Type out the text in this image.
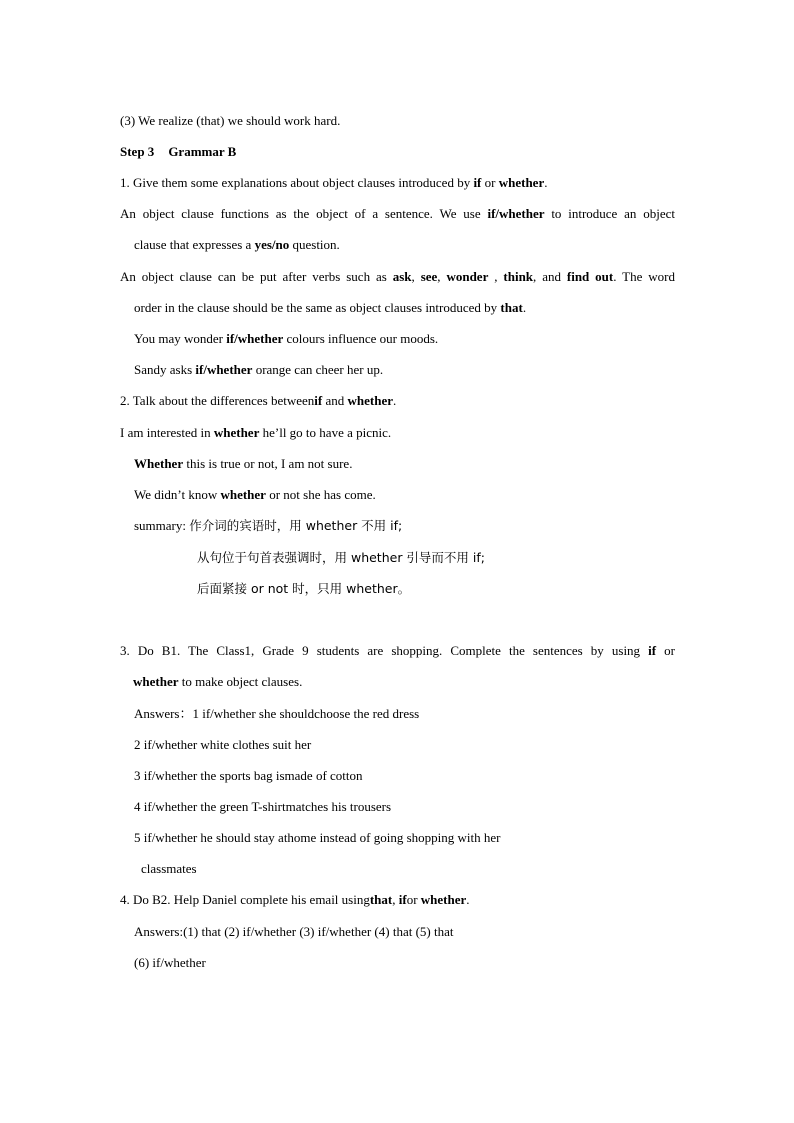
(3) We realize (that) we should work hard.
Step 3 Grammar B
1. Give them some explanations about object clauses introduced by if or whether.
An object clause functions as the object of a sentence. We use if/whether to introduce an object
clause that expresses a yes/no question.
An object clause can be put after verbs such as ask, see, wonder , think, and find out. The word
order in the clause should be the same as object clauses introduced by that.
You may wonder if/whether colours influence our moods.
Sandy asks if/whether orange can cheer her up.
2. Talk about the differences betweenif and whether.
I am interested in whether he’ll go to have a picnic.
Whether this is true or not, I am not sure.
We didn’t know whether or not she has come.
summary: 作介词的宾语时，用 whether 不用 if;
从句位于句首表强调时，用 whether 引导而不用 if;
后面紧接 or not 时，只用 whether。
3. Do B1. The Class1, Grade 9 students are shopping. Complete the sentences by using if or
whether to make object clauses.
Answers：1 if/whether she shouldchoose the red dress
2 if/whether white clothes suit her
3 if/whether the sports bag ismade of cotton
4 if/whether the green T-shirtmatches his trousers
5 if/whether he should stay athome instead of going shopping with her
classmates
4. Do B2. Help Daniel complete his email usingthat, ifor whether.
Answers:(1) that (2) if/whether (3) if/whether (4) that (5) that
(6) if/whether
